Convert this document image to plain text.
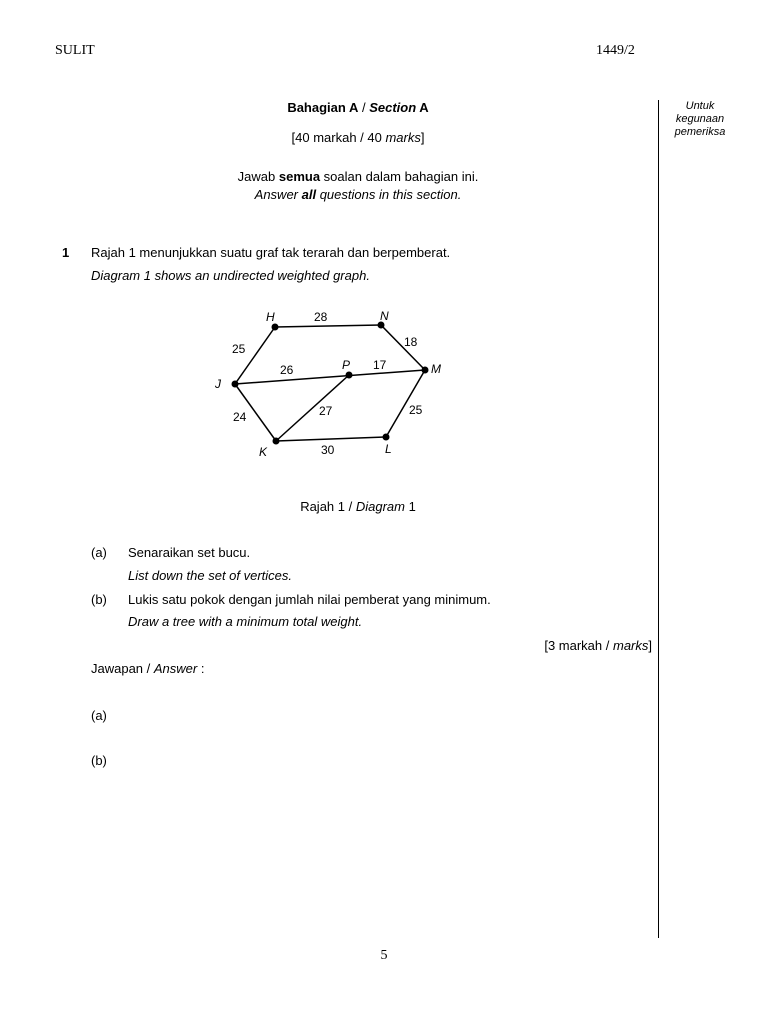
SULIT	1449/2
Bahagian A / Section A
[40 markah / 40 marks]
Jawab semua soalan dalam bahagian ini.
Answer all questions in this section.
Untuk kegunaan pemeriksa
1 Rajah 1 menunjukkan suatu graf tak terarah dan berpemberat.
Diagram 1 shows an undirected weighted graph.
H	N
M
P
J
K	L
28
18
25
26	17
24	27	25
30
Rajah 1 / Diagram 1
(a) Senaraikan set bucu.
List down the set of vertices.
(b) Lukis satu pokok dengan jumlah nilai pemberat yang minimum.
Draw a tree with a minimum total weight.
[3 markah / marks]
Jawapan / Answer :
(a)
(b)
5
